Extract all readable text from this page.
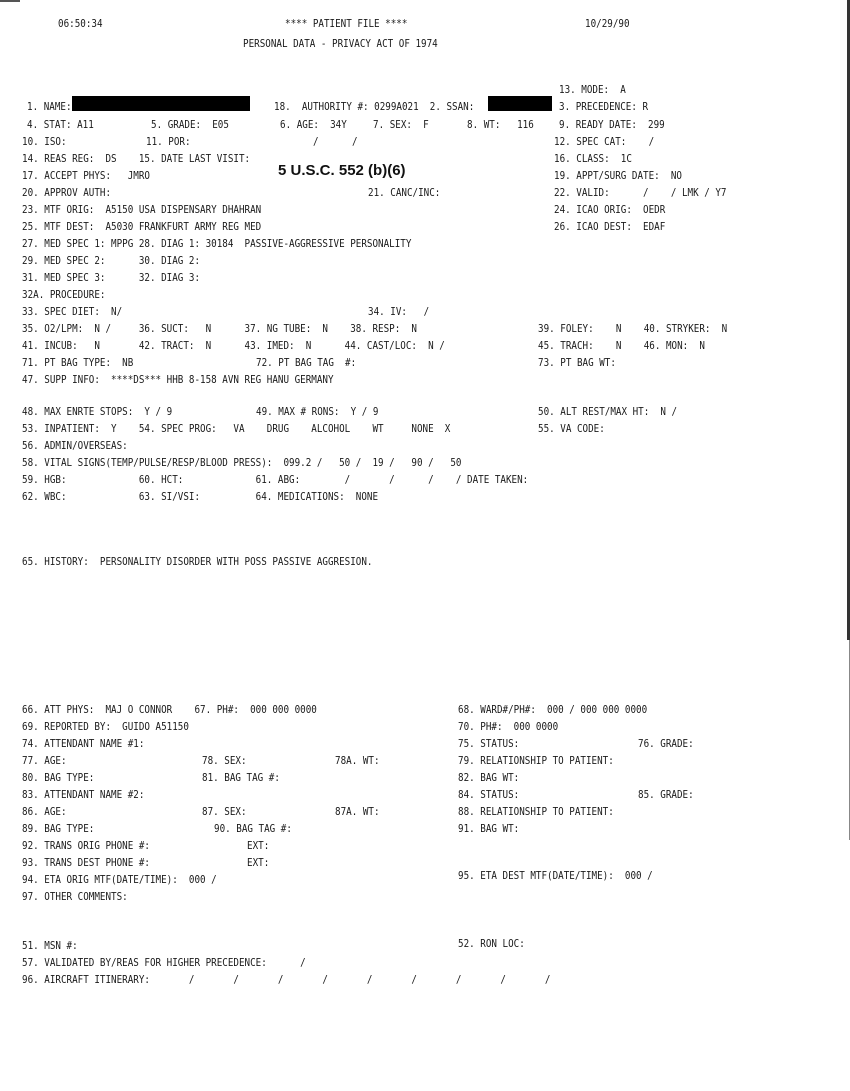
06:50:34	**** PATIENT FILE ****	10/29/90
PERSONAL DATA - PRIVACY ACT OF 1974
5 U.S.C. 552 (b)(6)
13. MODE:  A
1. NAME:	18.  AUTHORITY #: 0299A021  2. SSAN:	3. PRECEDENCE: R
4. STAT: A11	5. GRADE:  E05	6. AGE:  34Y 7. SEX:  F	8. WT:   116 9. READY DATE:  299
10. ISO:	11. POR:	/      /	12. SPEC CAT:    /
14. REAS REG:  DS    15. DATE LAST VISIT:	16. CLASS:  1C
17. ACCEPT PHYS:   JMRO	19. APPT/SURG DATE:  NO
20. APPROV AUTH:	21. CANC/INC:	22. VALID:      /    / LMK / Y7
23. MTF ORIG:  A5150 USA DISPENSARY DHAHRAN	24. ICAO ORIG:  OEDR
25. MTF DEST:  A5030 FRANKFURT ARMY REG MED	26. ICAO DEST:  EDAF
27. MED SPEC 1: MPPG 28. DIAG 1: 30184  PASSIVE-AGGRESSIVE PERSONALITY
29. MED SPEC 2:      30. DIAG 2:
31. MED SPEC 3:      32. DIAG 3:
32A. PROCEDURE:
33. SPEC DIET:  N/	34. IV:   /
35. O2/LPM:  N /     36. SUCT:   N      37. NG TUBE:  N    38. RESP:  N	39. FOLEY:    N    40. STRYKER:  N
41. INCUB:   N       42. TRACT:  N      43. IMED:  N      44. CAST/LOC:  N /	45. TRACH:    N    46. MON:  N
71. PT BAG TYPE:  NB	72. PT BAG TAG  #:	73. PT BAG WT:
47. SUPP INFO:  ****DS*** HHB 8-158 AVN REG HANU GERMANY
48. MAX ENRTE STOPS:  Y / 9	49. MAX # RONS:  Y / 9	50. ALT REST/MAX HT:  N /
53. INPATIENT:  Y    54. SPEC PROG:   VA    DRUG    ALCOHOL    WT     NONE  X	55. VA CODE:
56. ADMIN/OVERSEAS:
58. VITAL SIGNS(TEMP/PULSE/RESP/BLOOD PRESS):  099.2 /   50 /  19 /   90 /   50
59. HGB:             60. HCT:             61. ABG:        /       /      /    / DATE TAKEN:
62. WBC:             63. SI/VSI:          64. MEDICATIONS:  NONE
65. HISTORY:  PERSONALITY DISORDER WITH POSS PASSIVE AGGRESION.
66. ATT PHYS:  MAJ O CONNOR    67. PH#:  000 000 0000	68. WARD#/PH#:  000 / 000 000 0000
69. REPORTED BY:  GUIDO A51150	70. PH#:  000 0000
74. ATTENDANT NAME #1:	75. STATUS:	76. GRADE:
77. AGE:	78. SEX:	78A. WT:	79. RELATIONSHIP TO PATIENT:
80. BAG TYPE:	81. BAG TAG #:	82. BAG WT:
83. ATTENDANT NAME #2:	84. STATUS:	85. GRADE:
86. AGE:	87. SEX:	87A. WT:	88. RELATIONSHIP TO PATIENT:
89. BAG TYPE:	90. BAG TAG #:	91. BAG WT:
92. TRANS ORIG PHONE #:	EXT:
93. TRANS DEST PHONE #:	EXT:
94. ETA ORIG MTF(DATE/TIME):  000 /	95. ETA DEST MTF(DATE/TIME):  000 /
97. OTHER COMMENTS:
51. MSN #:	52. RON LOC:
57. VALIDATED BY/REAS FOR HIGHER PRECEDENCE:      /
96. AIRCRAFT ITINERARY:       /       /       /       /       /       /       /       /       /
